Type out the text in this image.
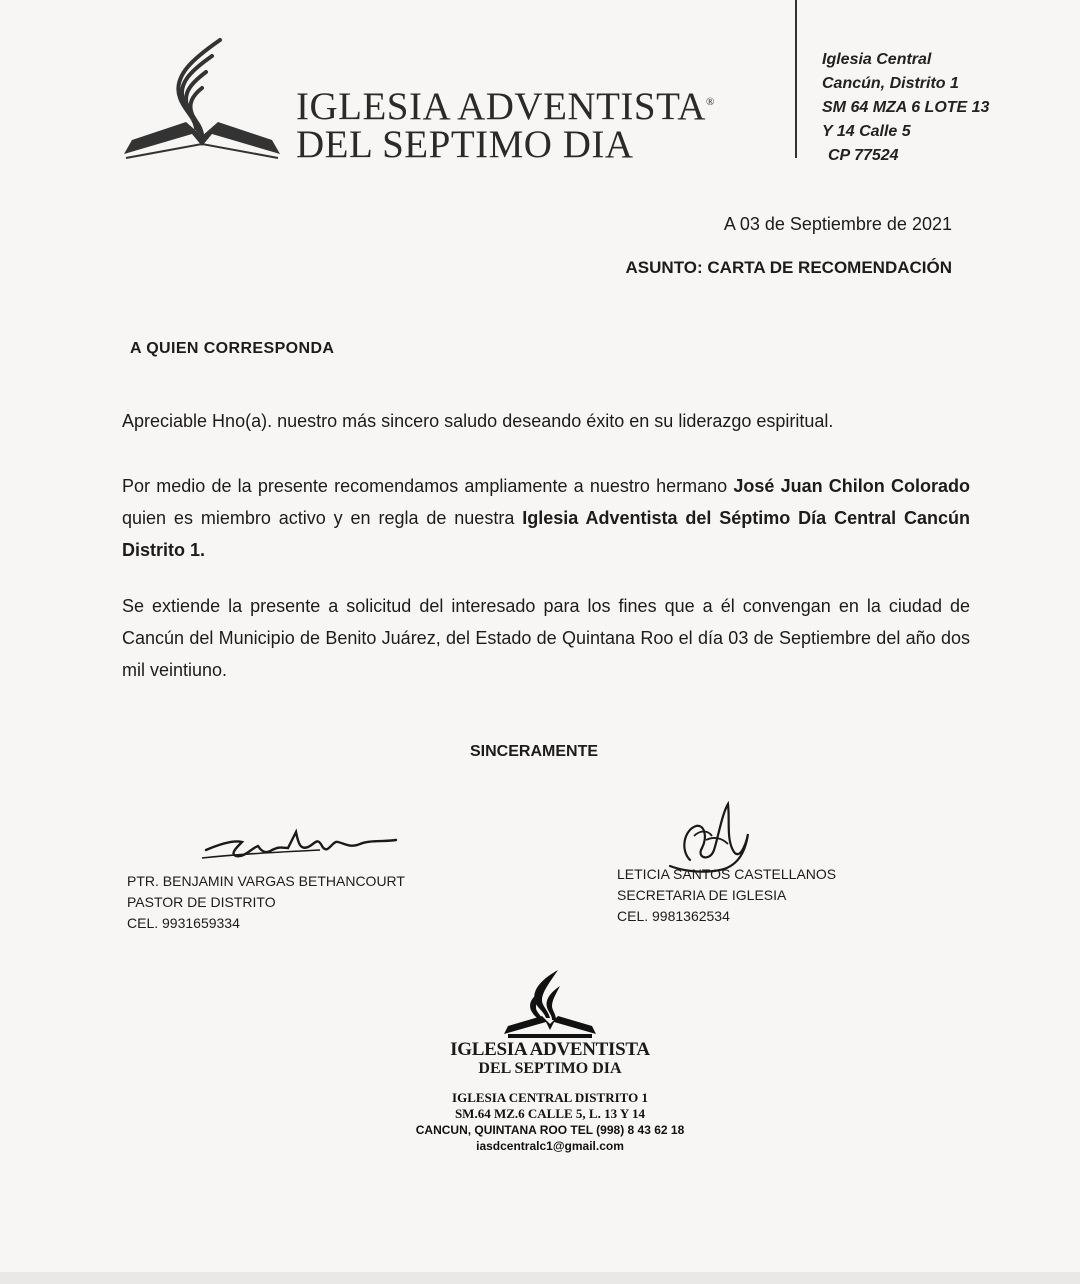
IGLESIA ADVENTISTA®
DEL SEPTIMO DIA
Iglesia Central
Cancún, Distrito 1
SM 64 MZA 6 LOTE 13
Y 14 Calle 5
CP 77524
A 03 de Septiembre de 2021
ASUNTO: CARTA DE RECOMENDACIÓN
A QUIEN CORRESPONDA
Apreciable Hno(a). nuestro más sincero saludo deseando éxito en su liderazgo espiritual.
Por medio de la presente recomendamos ampliamente a nuestro hermano José Juan Chilon Colorado quien es miembro activo y en regla de nuestra Iglesia Adventista del Séptimo Día Central Cancún Distrito 1.
Se extiende la presente a solicitud del interesado para los fines que a él convengan en la ciudad de Cancún del Municipio de Benito Juárez, del Estado de Quintana Roo el día 03 de Septiembre del año dos mil veintiuno.
SINCERAMENTE
PTR. BENJAMIN VARGAS BETHANCOURT
PASTOR DE DISTRITO
CEL. 9931659334
LETICIA SANTOS CASTELLANOS
SECRETARIA DE IGLESIA
CEL. 9981362534
IGLESIA ADVENTISTA
DEL SEPTIMO DIA
IGLESIA CENTRAL DISTRITO 1
SM.64 MZ.6 CALLE 5, L. 13 Y 14
CANCUN, QUINTANA ROO TEL (998) 8 43 62 18
iasdcentralc1@gmail.com
